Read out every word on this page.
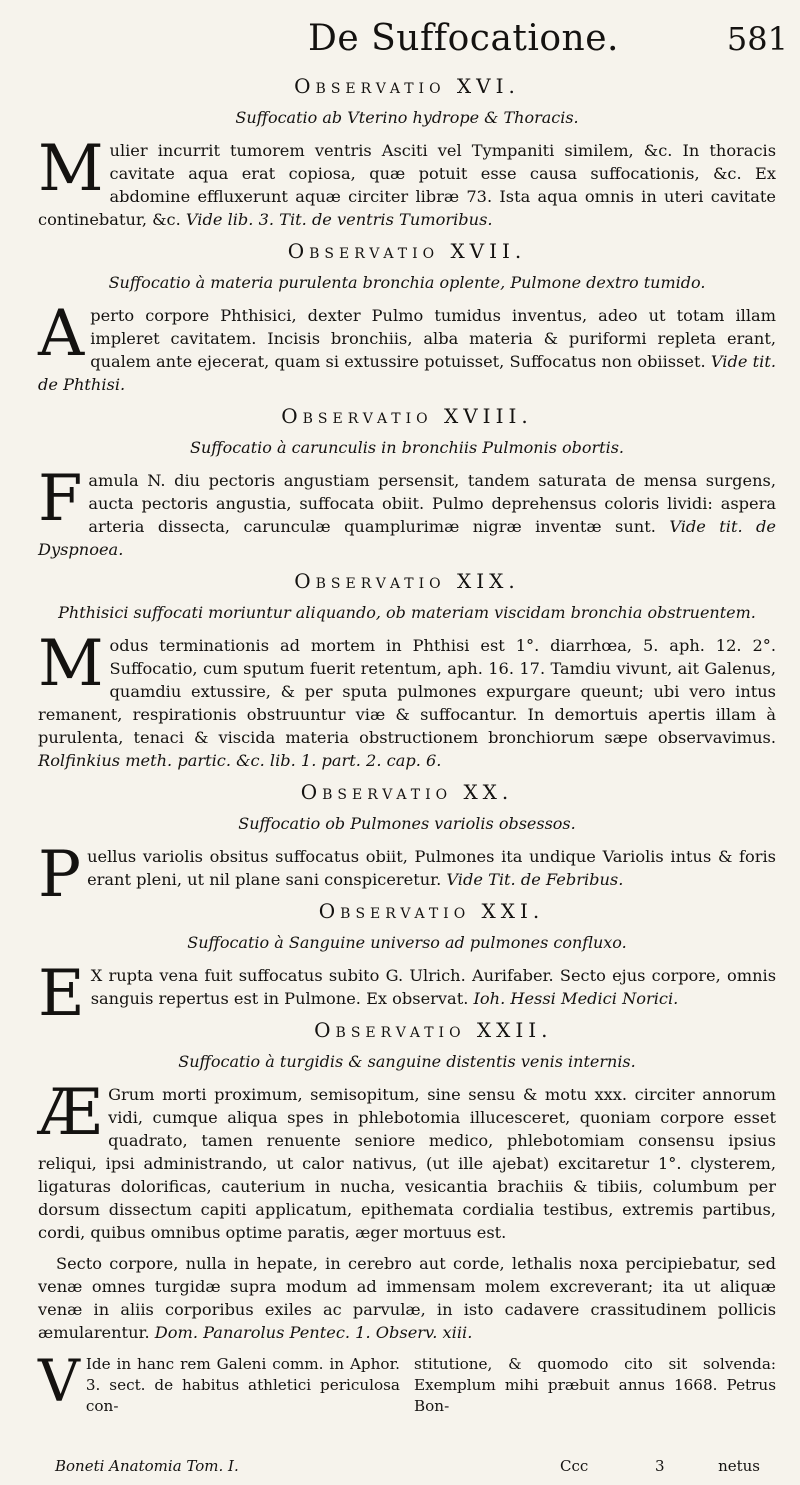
De Suffocatione.	581
Observatio XVI.
Suffocatio ab Vterino hydrope & Thoracis.
Mulier incurrit tumorem ventris Asciti vel Tympaniti similem, &c. In thoracis cavitate aqua erat copiosa, quæ potuit esse causa suffocationis, &c. Ex abdomine effluxerunt aquæ circiter libræ 73. Ista aqua omnis in uteri cavitate continebatur, &c. Vide lib. 3. Tit. de ventris Tumoribus.
Observatio XVII.
Suffocatio à materia purulenta bronchia oplente, Pulmone dextro tumido.
Aperto corpore Phthisici, dexter Pulmo tumidus inventus, adeo ut totam illam impleret cavitatem. Incisis bronchiis, alba materia & puriformi repleta erant, qualem ante ejecerat, quam si extussire potuisset, Suffocatus non obiisset. Vide tit. de Phthisi.
Observatio XVIII.
Suffocatio à carunculis in bronchiis Pulmonis obortis.
Famula N. diu pectoris angustiam persensit, tandem saturata de mensa surgens, aucta pectoris angustia, suffocata obiit. Pulmo deprehensus coloris lividi: aspera arteria dissecta, carunculæ quamplurimæ nigræ inventæ sunt. Vide tit. de Dyspnoea.
Observatio XIX.
Phthisici suffocati moriuntur aliquando, ob materiam viscidam bronchia obstruentem.
Modus terminationis ad mortem in Phthisi est 1°. diarrhœa, 5. aph. 12. 2°. Suffocatio, cum sputum fuerit retentum, aph. 16. 17. Tamdiu vivunt, ait Galenus, quamdiu extussire, & per sputa pulmones expurgare queunt; ubi vero intus remanent, respirationis obstruuntur viæ & suffocantur. In demortuis apertis illam à purulenta, tenaci & viscida materia obstructionem bronchiorum sæpe observavimus. Rolfinkius meth. partic. &c. lib. 1. part. 2. cap. 6.
Observatio XX.
Suffocatio ob Pulmones variolis obsessos.
Puellus variolis obsitus suffocatus obiit, Pulmones ita undique Variolis intus & foris erant pleni, ut nil plane sani conspiceretur. Vide Tit. de Febribus.
Observatio XXI.
Suffocatio à Sanguine universo ad pulmones confluxo.
E X rupta vena fuit suffocatus subito G. Ulrich. Aurifaber. Secto ejus corpore, omnis sanguis repertus est in Pulmone. Ex observat. Ioh. Hessi Medici Norici.
Observatio XXII.
Suffocatio à turgidis & sanguine distentis venis internis.
Æ Grum morti proximum, semisopitum, sine sensu & motu xxx. circiter annorum vidi, cumque aliqua spes in phlebotomia illucesceret, quoniam corpore esset quadrato, tamen renuente seniore medico, phlebotomiam consensu ipsius reliqui, ipsi administrando, ut calor nativus, (ut ille ajebat) excitaretur 1°. clysterem, ligaturas dolorificas, cauterium in nucha, vesicantia brachiis & tibiis, columbum per dorsum dissectum capiti applicatum, epithemata cordialia testibus, extremis partibus, cordi, quibus omnibus optime paratis, æger mortuus est.
Secto corpore, nulla in hepate, in cerebro aut corde, lethalis noxa percipiebatur, sed venæ omnes turgidæ supra modum ad immensam molem excreverant; ita ut aliquæ venæ in aliis corporibus exiles ac parvulæ, in isto cadavere crassitudinem pollicis æmularentur. Dom. Panarolus Pentec. 1. Observ. xiii.
V Ide in hanc rem Galeni comm. in Aphor. 3. sect. de habitus athletici periculosa con-
stitutione, & quomodo cito sit solvenda: Exemplum mihi præbuit annus 1668. Petrus Bon-
Boneti Anatomia Tom. I.	Ccc	3	netus
